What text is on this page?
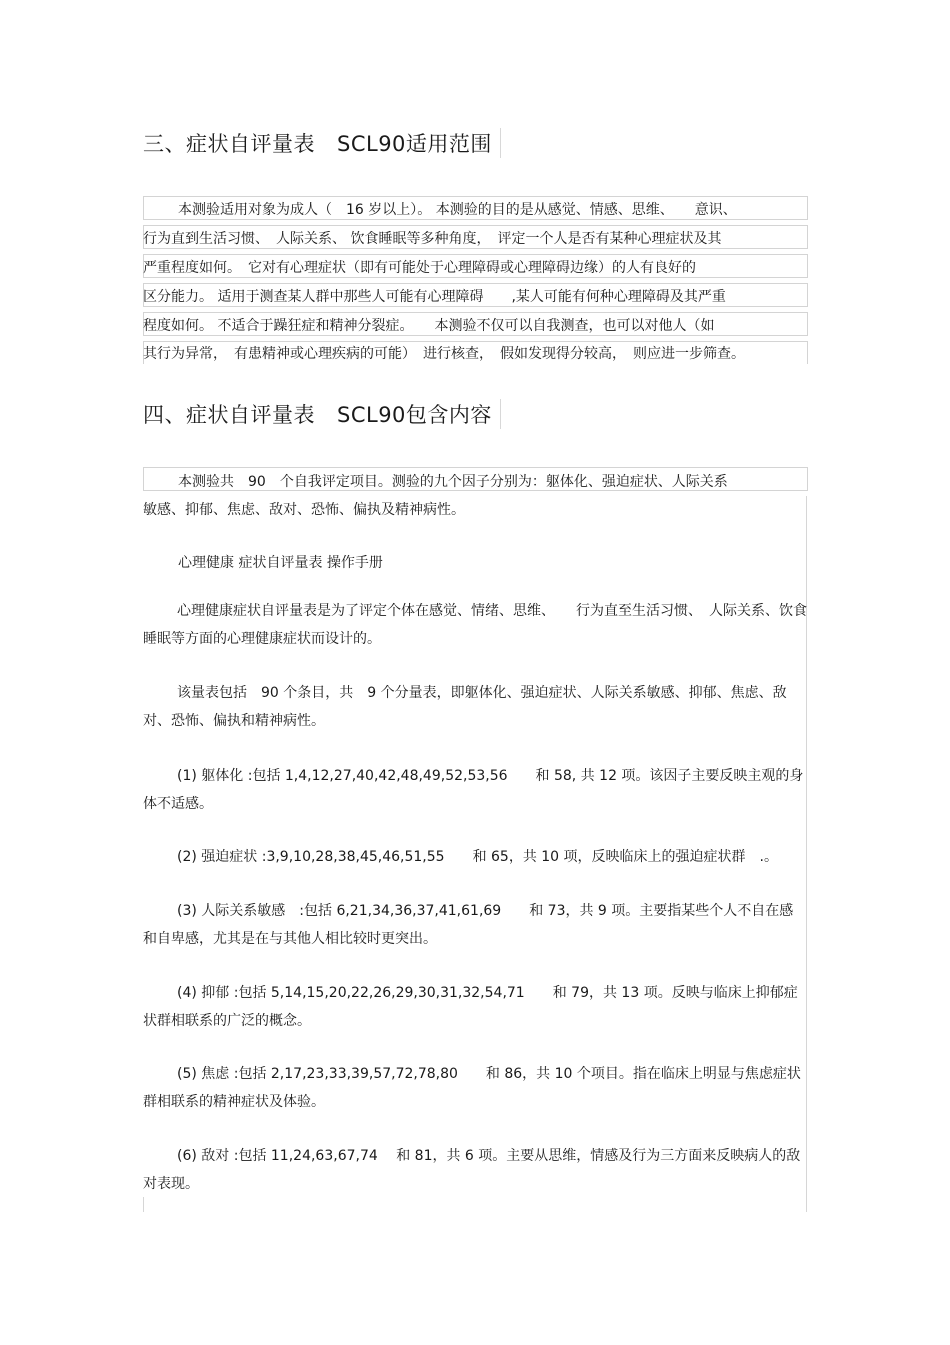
三、症状自评量表 SCL90适用范围
本测验适用对象为成人（　16 岁以上）。 本测验的目的是从感觉、情感、思维、　　意识、
行为直到生活习惯、　人际关系、 饮食睡眠等多种角度，　评定一个人是否有某种心理症状及其
严重程度如何。　它对有心理症状（即有可能处于心理障碍或心理障碍边缘）的人有良好的
区分能力。 适用于测查某人群中那些人可能有心理障碍　　,某人可能有何种心理障碍及其严重
程度如何。 不适合于躁狂症和精神分裂症。　　本测验不仅可以自我测查，也可以对他人（如
其行为异常，　有患精神或心理疾病的可能）　进行核查，　假如发现得分较高，　则应进一步筛查。
四、症状自评量表 SCL90包含内容
本测验共　90　个自我评定项目。测验的九个因子分别为：躯体化、强迫症状、人际关系
敏感、抑郁、焦虑、敌对、恐怖、偏执及精神病性。
心理健康 症状自评量表 操作手册
心理健康症状自评量表是为了评定个体在感觉、情绪、思维、　　行为直至生活习惯、　人际关系、饮食睡眠等方面的心理健康症状而设计的。
该量表包括　90 个条目，共　9 个分量表，即躯体化、强迫症状、人际关系敏感、抑郁、焦虑、敌对、恐怖、偏执和精神病性。
(1) 躯体化 :包括 1,4,12,27,40,42,48,49,52,53,56　　和 58, 共 12 项。该因子主要反映主观的身体不适感。
(2) 强迫症状 :3,9,10,28,38,45,46,51,55　　和 65，共 10 项，反映临床上的强迫症状群　.。
(3) 人际关系敏感　:包括 6,21,34,36,37,41,61,69　　和 73，共 9 项。主要指某些个人不自在感和自卑感，尤其是在与其他人相比较时更突出。
(4) 抑郁 :包括 5,14,15,20,22,26,29,30,31,32,54,71　　和 79，共 13 项。反映与临床上抑郁症状群相联系的广泛的概念。
(5) 焦虑 :包括 2,17,23,33,39,57,72,78,80　　和 86，共 10 个项目。指在临床上明显与焦虑症状群相联系的精神症状及体验。
(6) 敌对 :包括 11,24,63,67,74　 和 81，共 6 项。主要从思维，情感及行为三方面来反映病人的敌对表现。
